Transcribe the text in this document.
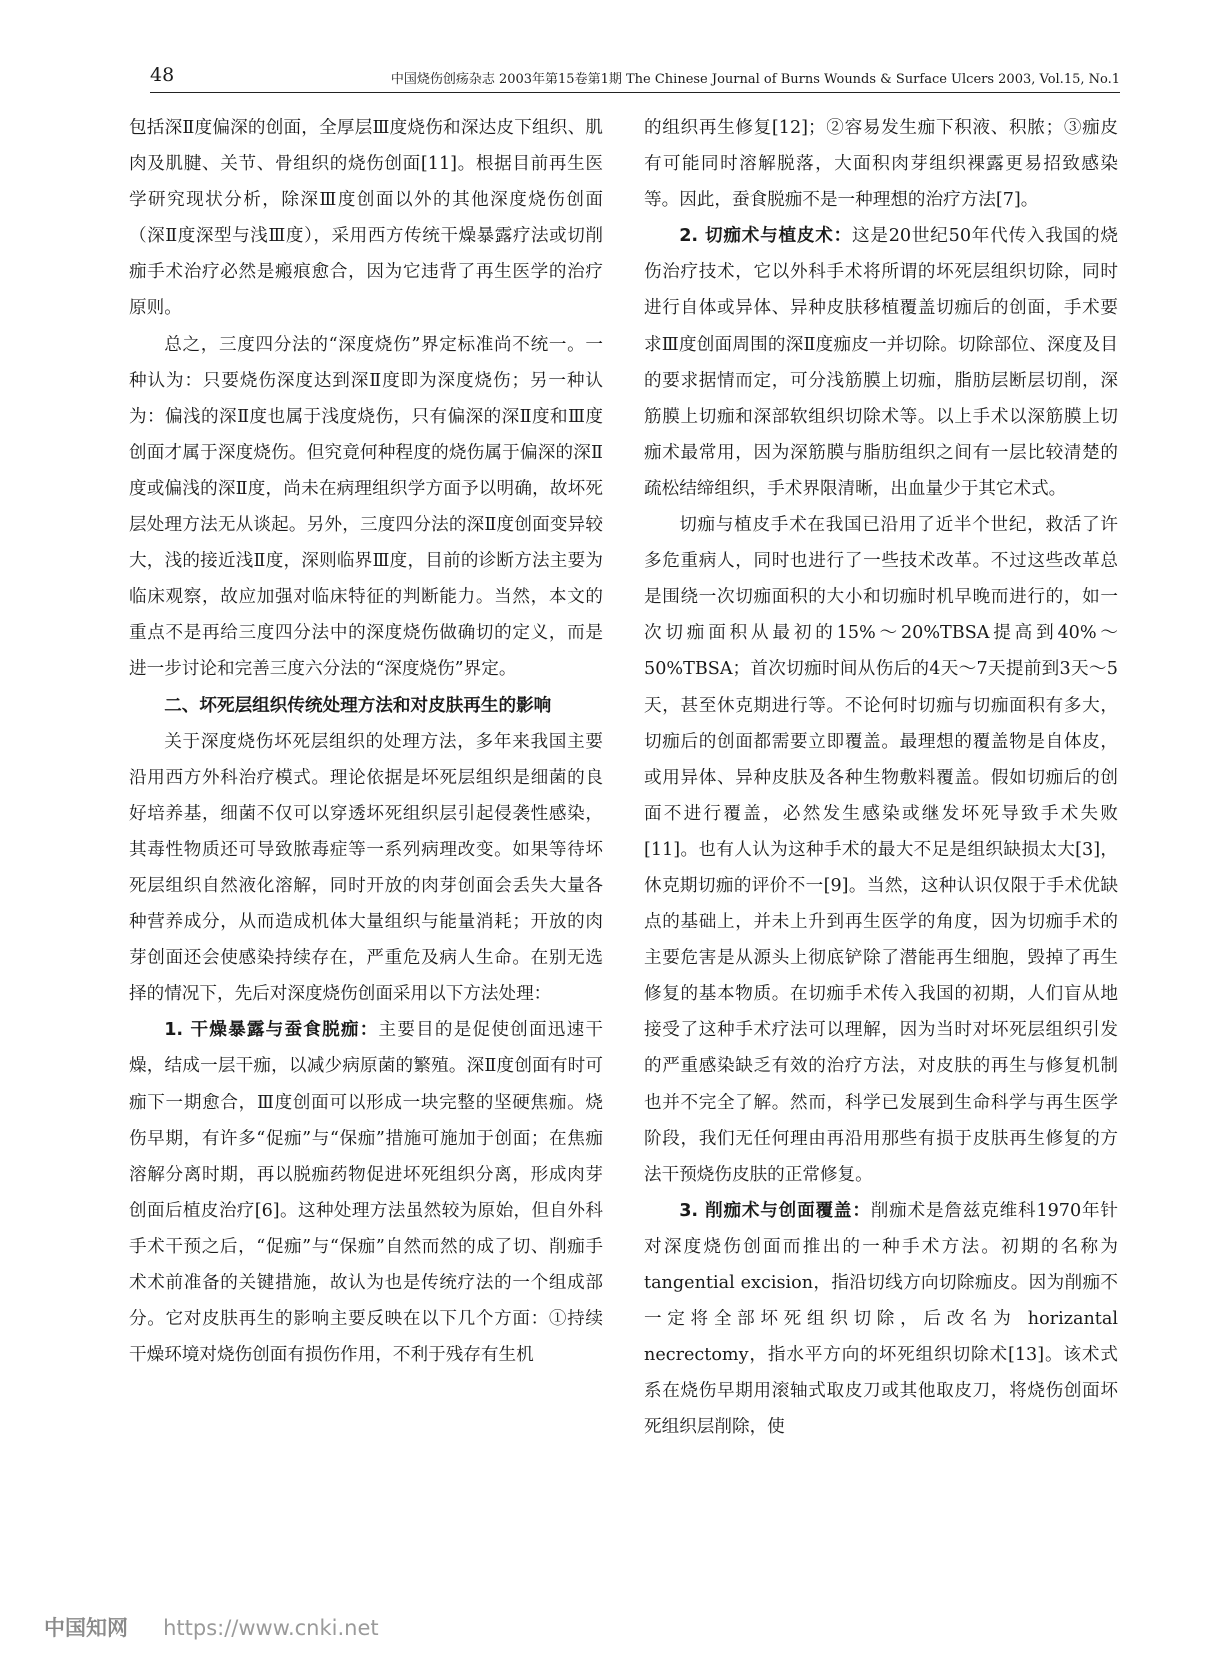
48	中国烧伤创疡杂志 2003年第15卷第1期 The Chinese Journal of Burns Wounds & Surface Ulcers 2003, Vol.15, No.1

包括深Ⅱ度偏深的创面，全厚层Ⅲ度烧伤和深达皮下组织、肌肉及肌腱、关节、骨组织的烧伤创面[11]。根据目前再生医学研究现状分析，除深Ⅲ度创面以外的其他深度烧伤创面（深Ⅱ度深型与浅Ⅲ度），采用西方传统干燥暴露疗法或切削痂手术治疗必然是瘢痕愈合，因为它违背了再生医学的治疗原则。

总之，三度四分法的“深度烧伤”界定标准尚不统一。一种认为：只要烧伤深度达到深Ⅱ度即为深度烧伤；另一种认为：偏浅的深Ⅱ度也属于浅度烧伤，只有偏深的深Ⅱ度和Ⅲ度创面才属于深度烧伤。但究竟何种程度的烧伤属于偏深的深Ⅱ度或偏浅的深Ⅱ度，尚未在病理组织学方面予以明确，故坏死层处理方法无从谈起。另外，三度四分法的深Ⅱ度创面变异较大，浅的接近浅Ⅱ度，深则临界Ⅲ度，目前的诊断方法主要为临床观察，故应加强对临床特征的判断能力。当然，本文的重点不是再给三度四分法中的深度烧伤做确切的定义，而是进一步讨论和完善三度六分法的“深度烧伤”界定。

二、坏死层组织传统处理方法和对皮肤再生的影响

关于深度烧伤坏死层组织的处理方法，多年来我国主要沿用西方外科治疗模式。理论依据是坏死层组织是细菌的良好培养基，细菌不仅可以穿透坏死组织层引起侵袭性感染，其毒性物质还可导致脓毒症等一系列病理改变。如果等待坏死层组织自然液化溶解，同时开放的肉芽创面会丢失大量各种营养成分，从而造成机体大量组织与能量消耗；开放的肉芽创面还会使感染持续存在，严重危及病人生命。在别无选择的情况下，先后对深度烧伤创面采用以下方法处理：

1. 干燥暴露与蚕食脱痂：主要目的是促使创面迅速干燥，结成一层干痂，以减少病原菌的繁殖。深Ⅱ度创面有时可痂下一期愈合，Ⅲ度创面可以形成一块完整的坚硬焦痂。烧伤早期，有许多“促痂”与“保痂”措施可施加于创面；在焦痂溶解分离时期，再以脱痂药物促进坏死组织分离，形成肉芽创面后植皮治疗[6]。这种处理方法虽然较为原始，但自外科手术干预之后，“促痂”与“保痂”自然而然的成了切、削痂手术术前准备的关键措施，故认为也是传统疗法的一个组成部分。它对皮肤再生的影响主要反映在以下几个方面：①持续干燥环境对烧伤创面有损伤作用，不利于残存有生机

的组织再生修复[12]；②容易发生痂下积液、积脓；③痂皮有可能同时溶解脱落，大面积肉芽组织裸露更易招致感染等。因此，蚕食脱痂不是一种理想的治疗方法[7]。

2. 切痂术与植皮术：这是20世纪50年代传入我国的烧伤治疗技术，它以外科手术将所谓的坏死层组织切除，同时进行自体或异体、异种皮肤移植覆盖切痂后的创面，手术要求Ⅲ度创面周围的深Ⅱ度痂皮一并切除。切除部位、深度及目的要求据情而定，可分浅筋膜上切痂，脂肪层断层切削，深筋膜上切痂和深部软组织切除术等。以上手术以深筋膜上切痂术最常用，因为深筋膜与脂肪组织之间有一层比较清楚的疏松结缔组织，手术界限清晰，出血量少于其它术式。

切痂与植皮手术在我国已沿用了近半个世纪，救活了许多危重病人，同时也进行了一些技术改革。不过这些改革总是围绕一次切痂面积的大小和切痂时机早晚而进行的，如一次切痂面积从最初的15%～20%TBSA提高到40%～50%TBSA；首次切痂时间从伤后的4天～7天提前到3天～5天，甚至休克期进行等。不论何时切痂与切痂面积有多大，切痂后的创面都需要立即覆盖。最理想的覆盖物是自体皮，或用异体、异种皮肤及各种生物敷料覆盖。假如切痂后的创面不进行覆盖，必然发生感染或继发坏死导致手术失败[11]。也有人认为这种手术的最大不足是组织缺损太大[3]，休克期切痂的评价不一[9]。当然，这种认识仅限于手术优缺点的基础上，并未上升到再生医学的角度，因为切痂手术的主要危害是从源头上彻底铲除了潜能再生细胞，毁掉了再生修复的基本物质。在切痂手术传入我国的初期，人们盲从地接受了这种手术疗法可以理解，因为当时对坏死层组织引发的严重感染缺乏有效的治疗方法，对皮肤的再生与修复机制也并不完全了解。然而，科学已发展到生命科学与再生医学阶段，我们无任何理由再沿用那些有损于皮肤再生修复的方法干预烧伤皮肤的正常修复。

3. 削痂术与创面覆盖：削痂术是詹兹克维科1970年针对深度烧伤创面而推出的一种手术方法。初期的名称为 tangential excision，指沿切线方向切除痂皮。因为削痂不一定将全部坏死组织切除，后改名为 horizantal necrectomy，指水平方向的坏死组织切除术[13]。该术式系在烧伤早期用滚轴式取皮刀或其他取皮刀，将烧伤创面坏死组织层削除，使

中国知网 https://www.cnki.net
